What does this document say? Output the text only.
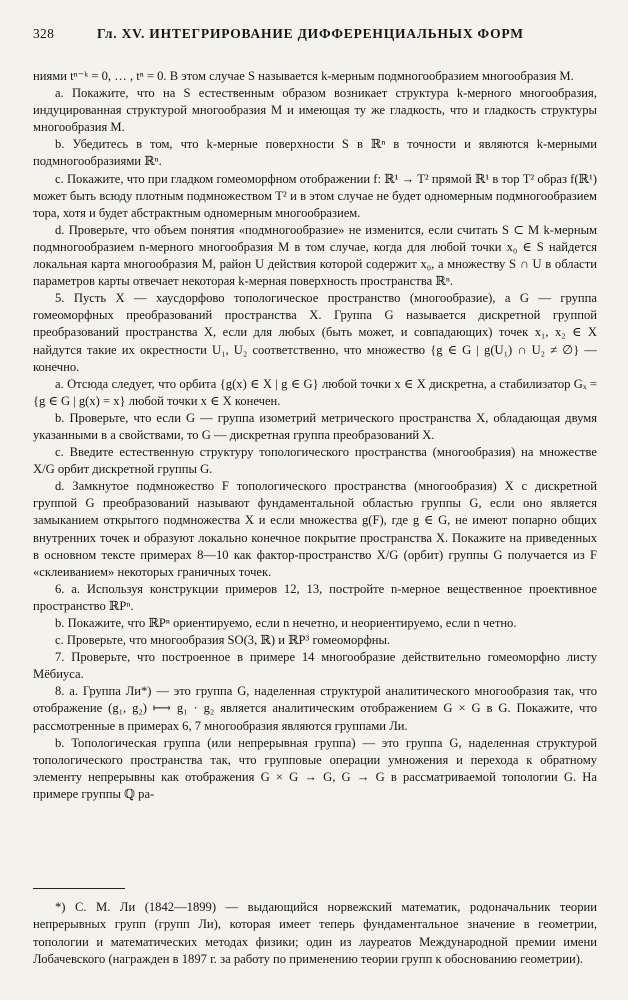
328	Гл. XV. ИНТЕГРИРОВАНИЕ ДИФФЕРЕНЦИАЛЬНЫХ ФОРМ

ниями tⁿ⁻ᵏ = 0, … , tⁿ = 0. В этом случае S называется k-мерным подмногообразием многообразия M.

a. Покажите, что на S естественным образом возникает структура k-мерного многообразия, индуцированная структурой многообразия M и имеющая ту же гладкость, что и гладкость структуры многообразия M.

b. Убедитесь в том, что k-мерные поверхности S в ℝⁿ в точности и являются k-мерными подмногообразиями ℝⁿ.

c. Покажите, что при гладком гомеоморфном отображении f: ℝ¹ → T² прямой ℝ¹ в тор T² образ f(ℝ¹) может быть всюду плотным подмножеством T² и в этом случае не будет одномерным подмногообразием тора, хотя и будет абстрактным одномерным многообразием.

d. Проверьте, что объем понятия «подмногообразие» не изменится, если считать S ⊂ M k-мерным подмногообразием n-мерного многообразия M в том случае, когда для любой точки x₀ ∈ S найдется локальная карта многообразия M, район U действия которой содержит x₀, а множеству S ∩ U в области параметров карты отвечает некоторая k-мерная поверхность пространства ℝⁿ.

5. Пусть X — хаусдорфово топологическое пространство (многообразие), а G — группа гомеоморфных преобразований пространства X. Группа G называется дискретной группой преобразований пространства X, если для любых (быть может, и совпадающих) точек x₁, x₂ ∈ X найдутся такие их окрестности U₁, U₂ соответственно, что множество {g ∈ G | g(U₁) ∩ U₂ ≠ ∅} — конечно.

a. Отсюда следует, что орбита {g(x) ∈ X | g ∈ G} любой точки x ∈ X дискретна, а стабилизатор Gₓ = {g ∈ G | g(x) = x} любой точки x ∈ X конечен.

b. Проверьте, что если G — группа изометрий метрического пространства X, обладающая двумя указанными в a свойствами, то G — дискретная группа преобразований X.

c. Введите естественную структуру топологического пространства (многообразия) на множестве X/G орбит дискретной группы G.

d. Замкнутое подмножество F топологического пространства (многообразия) X с дискретной группой G преобразований называют фундаментальной областью группы G, если оно является замыканием открытого подмножества X и если множества g(F), где g ∈ G, не имеют попарно общих внутренних точек и образуют локально конечное покрытие пространства X. Покажите на приведенных в основном тексте примерах 8—10 как фактор-пространство X/G (орбит) группы G получается из F «склеиванием» некоторых граничных точек.

6. a. Используя конструкции примеров 12, 13, постройте n-мерное вещественное проективное пространство ℝPⁿ.

b. Покажите, что ℝPⁿ ориентируемо, если n нечетно, и неориентируемо, если n четно.

c. Проверьте, что многообразия SO(3, ℝ) и ℝP³ гомеоморфны.

7. Проверьте, что построенное в примере 14 многообразие действительно гомеоморфно листу Мёбиуса.

8. a. Группа Ли*) — это группа G, наделенная структурой аналитического многообразия так, что отображение (g₁, g₂) ⟼ g₁ · g₂ является аналитическим отображением G × G в G. Покажите, что рассмотренные в примерах 6, 7 многообразия являются группами Ли.

b. Топологическая группа (или непрерывная группа) — это группа G, наделенная структурой топологического пространства так, что групповые операции умножения и перехода к обратному элементу непрерывны как отображения G × G → G, G → G в рассматриваемой топологии G. На примере группы ℚ ра-

*) С. М. Ли (1842—1899) — выдающийся норвежский математик, родоначальник теории непрерывных групп (групп Ли), которая имеет теперь фундаментальное значение в геометрии, топологии и математических методах физики; один из лауреатов Международной премии имени Лобачевского (награжден в 1897 г. за работу по применению теории групп к обоснованию геометрии).
